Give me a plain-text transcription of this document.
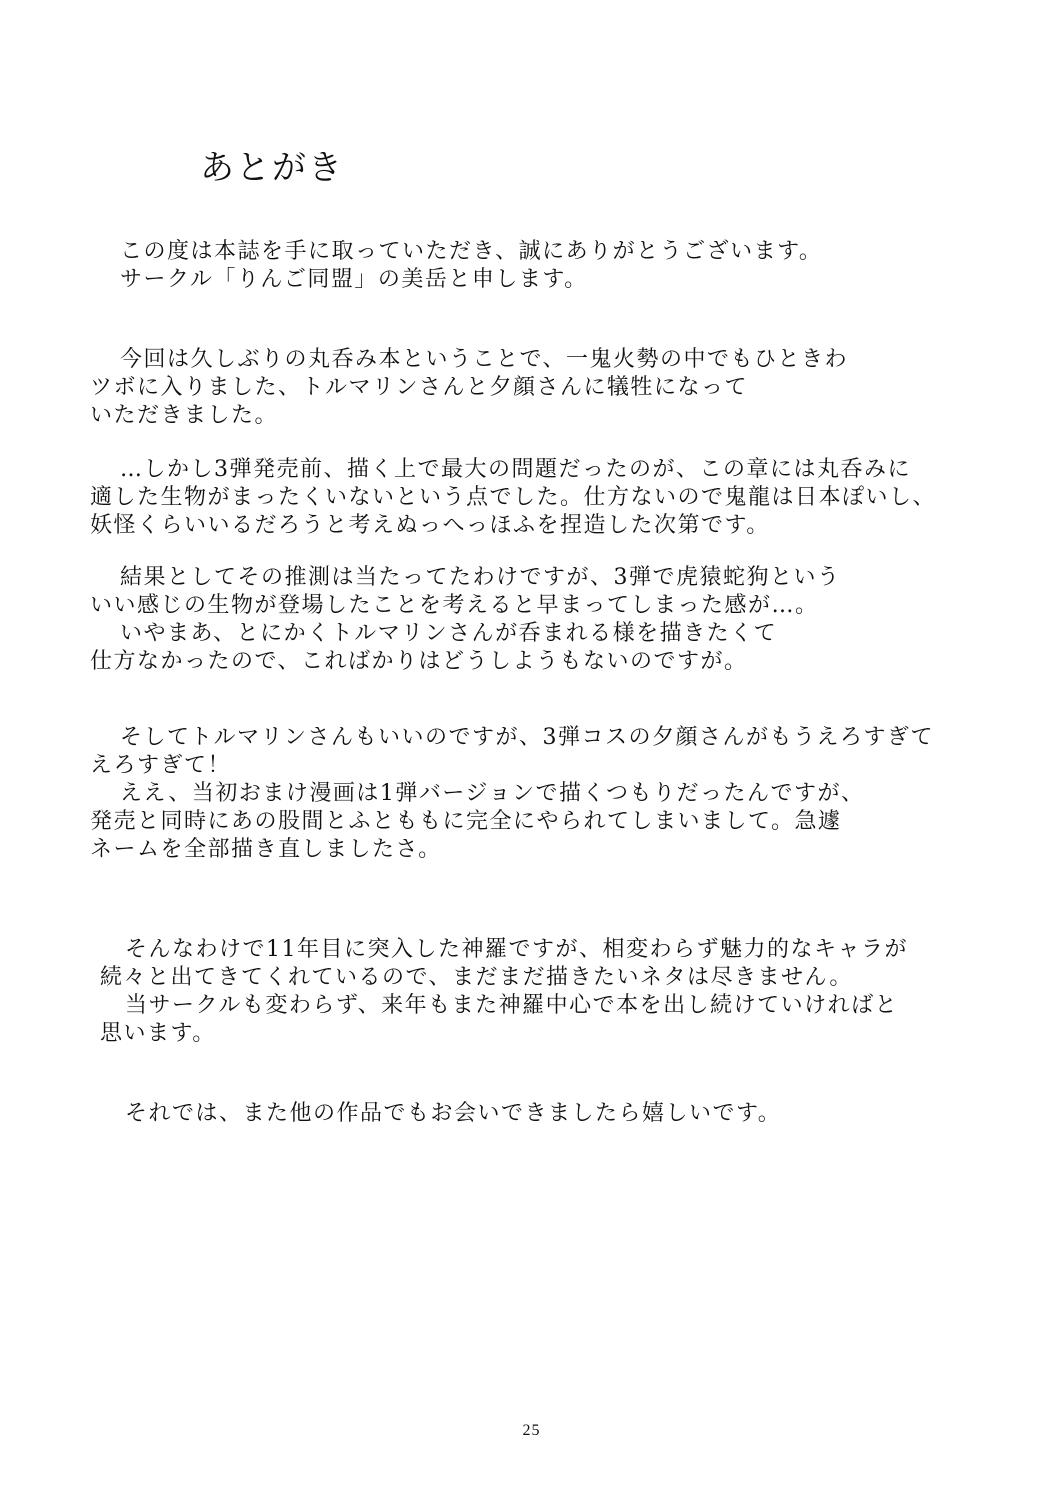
あとがき
この度は本誌を手に取っていただき、誠にありがとうございます。
サークル「りんご同盟」の美岳と申します。
今回は久しぶりの丸呑み本ということで、一鬼火勢の中でもひときわ
ツボに入りました、トルマリンさんと夕顔さんに犠牲になって
いただきました。
…しかし3弾発売前、描く上で最大の問題だったのが、この章には丸呑みに
適した生物がまったくいないという点でした。仕方ないので鬼龍は日本ぽいし、
妖怪くらいいるだろうと考えぬっへっほふを捏造した次第です。
結果としてその推測は当たってたわけですが、3弾で虎猿蛇狗という
いい感じの生物が登場したことを考えると早まってしまった感が…。
いやまあ、とにかくトルマリンさんが呑まれる様を描きたくて
仕方なかったので、こればかりはどうしようもないのですが。
そしてトルマリンさんもいいのですが、3弾コスの夕顔さんがもうえろすぎて
えろすぎて！
ええ、当初おまけ漫画は1弾バージョンで描くつもりだったんですが、
発売と同時にあの股間とふとももに完全にやられてしまいまして。急遽
ネームを全部描き直しましたさ。
そんなわけで11年目に突入した神羅ですが、相変わらず魅力的なキャラが
続々と出てきてくれているので、まだまだ描きたいネタは尽きません。
当サークルも変わらず、来年もまた神羅中心で本を出し続けていければと
思います。
それでは、また他の作品でもお会いできましたら嬉しいです。
25
